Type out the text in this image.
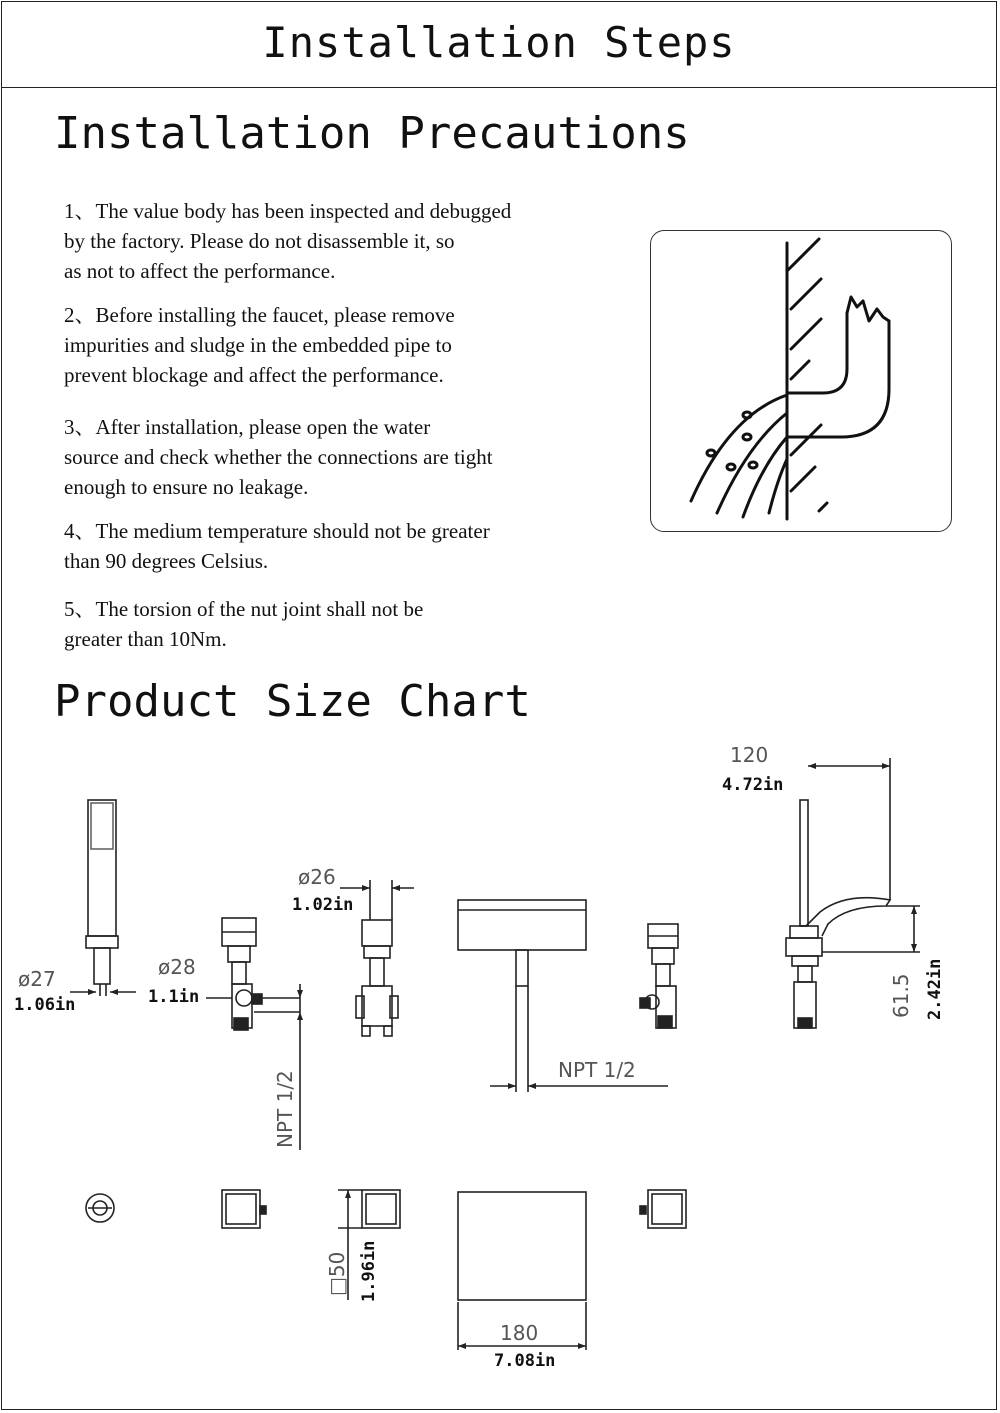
Installation Steps
Installation Precautions
1、The value body has been inspected and debugged
by the factory. Please do not disassemble it, so
as not to affect the performance.
2、Before installing the faucet, please remove
impurities and sludge in the embedded pipe to
prevent blockage and affect the performance.
3、After installation, please open the water
source and check whether the connections are tight
enough to ensure no leakage.
4、The medium temperature should not be greater
than 90 degrees Celsius.
5、The torsion of the nut joint shall not be
greater than 10Nm.
Product Size Chart
120
4.72in
61.5 2.42in
ø27
1.06in
ø28
1.1in
ø26
1.02in
NPT 1/2
NPT 1/2
□50 1.96in
180
7.08in
